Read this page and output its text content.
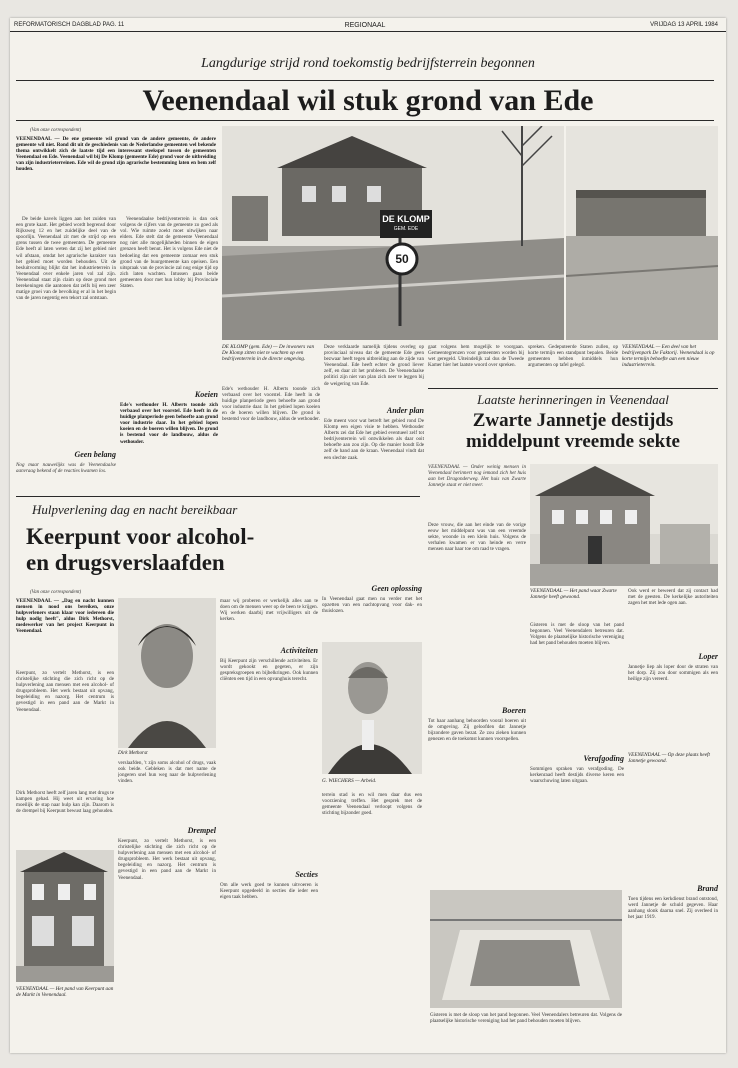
REFORMATORISCH DAGBLAD PAG. 11	REGIONAAL	VRIJDAG 13 APRIL 1984
Langdurige strijd rond toekomstig bedrijfsterrein begonnen
Veenendaal wil stuk grond van Ede
(Van onze correspondent)
VEENENDAAL — De ene gemeente wil grond van de andere gemeente, de andere gemeente wil niet. Rond dit uit de geschiedenis van de Nederlandse gemeenten wel bekende thema ontwikkelt zich de laatste tijd een interessant steekspel tussen de gemeenten Veenendaal en Ede. Veenendaal wil bij De Klomp (gemeente Ede) grond voor de uitbreiding van zijn industrieterreinen. Ede wil de grond zijn agrarische bestemming laten en bem zelf houden.

De beide kavels liggen aan het zuiden van een grote kaart. Het gebied wordt begrensd door Rijksweg 12 en het zuidelijke deel van de spoorlijn. Veenendaal zit met de strijd op een grens tussen de twee gemeenten. De gemeente Ede heeft al laten weten dat zij het gebied niet wil afstaan, omdat het agrarische karakter van het gebied moet worden behouden. Uit de besluitvorming blijkt dat het industrieterrein in Veenendaal over enkele jaren vol zal zijn. Veenendaal staat zijn claim op deze grond met berekeningen die aantonen dat zelfs bij een zeer matige groei van de bevolking er al in het begin van de jaren negentig een tekort zal ontstaan.

Geen belang
Nog maar nauwelijks was de Veenendaalse aanvraag bekend of de reacties kwamen los.

Veenendaalse bedrijventerrein is dan ook volgens de cijfers van de gemeente zo goed als vol. Wie ruimte zoekt moet uitwijken naar elders. Ede stelt dat de gemeente Veenendaal nog niet alle mogelijkheden binnen de eigen grenzen heeft benut. Het is volgens Ede niet de bedoeling dat een gemeente zomaar een stuk grond van de buurgemeente kan opeisen. Een uitspraak van de provincie zal nog enige tijd op zich laten wachten. Intussen gaan beide gemeenten door met hun lobby bij Provinciale Staten.

Koeien
Ede's wethouder H. Alberts toonde zich verbaasd over het voorstel. Ede heeft in de huidige planperiode geen behoefte aan grond voor industrie daar. In het gebied lopen koeien en de boeren willen blijven. De grond is bestemd voor de landbouw, aldus de wethouder.
DE KLOMP
GEM. EDE
50
DE KLOMP (gem. Ede) — De inwoners van De Klomp zitten niet te wachten op een bedrijventerrein in de directe omgeving.
Ede's wethouder H. Alberts toonde zich verbaasd over het voorstel. Ede heeft in de huidige planperiode geen behoefte aan grond voor industrie daar. In het gebied lopen koeien en de boeren willen blijven. De grond is bestemd voor de landbouw, aldus de wethouder.
Deze verklaarde namelijk tijdens overleg op provinciaal niveau dat de gemeente Ede geen bezwaar heeft tegen uitbreiding aan de zijde van Veenendaal. Ede heeft echter de grond liever zelf, en daar zit het probleem. De Veenendaalse politici zijn niet van plan zich neer te leggen bij de weigering van Ede.
Ander plan
Ede meent voor wat betreft het gebied rond De Klomp een eigen visie te hebben. Wethouder Alberts zei dat Ede het gebied eventueel zelf tot bedrijventerrein wil ontwikkelen als daar ooit behoefte aan zou zijn. Op die manier houdt Ede zelf de hand aan de kraan. Veenendaal vindt dat een slechte zaak.
gaat volgens hem mogelijk te voorgaan. Gemeentegrenzen voor gemeenten worden bij wet geregeld. Uiteindelijk zal dus de Tweede Kamer hier het laatste woord over spreken.
spreken. Gedeputeerde Staten zullen, op korte termijn een standpunt bepalen. Beide gemeenten hebben inmiddels hun argumenten op tafel gelegd.
VEENENDAAL — Een deel van het bedrijvenpark De Faktorij. Veenendaal is op korte termijn behoefte aan een nieuw industrieterrein.
Laatste herinneringen in Veenendaal
Zwarte Jannetje destijds
middelpunt vreemde sekte
VEENENDAAL — Onder weinig mensen in Veenendaal herinnert nog iemand zich het huis aan het Dragonderweg. Het huis van Zwarte Jannetje staat er niet meer.
Deze vrouw, die aan het einde van de vorige eeuw het middelpunt was van een vreemde sekte, woonde in een klein huis. Volgens de verhalen kwamen er van heinde en verre mensen naar haar toe om raad te vragen.
VEENENDAAL — Het pand waar Zwarte Jannetje heeft gewoond.
Gisteren is met de sloop van het pand begonnen. Veel Veenendalers betreuren dat. Volgens de plaatselijke historische vereniging had het pand behouden moeten blijven.
Boeren
Tot haar aanhang behoorden vooral boeren uit de omgeving. Zij geloofden dat Jannetje bijzondere gaven bezat. Ze zou zieken kunnen genezen en de toekomst kunnen voorspellen.
Ook werd er beweerd dat zij contact had met de geesten. De kerkelijke autoriteiten zagen het met lede ogen aan.
Loper
Jannetje liep als loper door de straten van het dorp. Zij zou door sommigen als een heilige zijn vereerd.
Verafgoding
Sommigen spraken van verafgoding. De kerkenraad heeft destijds diverse keren een waarschuwing laten uitgaan.
VEENENDAAL — Op deze plaats heeft Jannetje gewoond.
Brand
Toen tijdens een kerkdienst brand ontstond, werd Jannetje de schuld gegeven. Haar aanhang slonk daarna snel. Zij overleed in het jaar 1919.
Gisteren is met de sloop van het pand begonnen. Veel Veenendalers betreuren dat. Volgens de plaatselijke historische vereniging had het pand behouden moeten blijven.
Hulpverlening dag en nacht bereikbaar
Keerpunt voor alcohol-
en drugsverslaafden
(Van onze correspondent)
VEENENDAAL — „Dag en nacht kunnen mensen in nood ons bereiken, onze hulpverleners staan klaar voor iedereen die hulp nodig heeft", aldus Dirk Methorst, medewerker van het project Keerpunt in Veenendaal.
Keerpunt, zo vertelt Methorst, is een christelijke stichting die zich richt op de hulpverlening aan mensen met een alcohol- of drugsprobleem. Het werk bestaat uit opvang, begeleiding en nazorg. Het centrum is gevestigd in een pand aan de Markt in Veenendaal.
Dirk Methorst heeft zelf jaren lang met drugs te kampen gehad. Hij weet uit ervaring hoe moeilijk de stap naar hulp kan zijn. Daarom is de drempel bij Keerpunt bewust laag gehouden.
VEENENDAAL — Het pand van Keerpunt aan de Markt in Veenendaal.
Dirk Methorst
verslaafden, 't zijn soms alcohol of drugs, vaak ook beide. Gebleken is dat met name de jongeren snel hun weg naar de hulpverlening vinden.
Drempel
Keerpunt, zo vertelt Methorst, is een christelijke stichting die zich richt op de hulpverlening aan mensen met een alcohol- of drugsprobleem. Het werk bestaat uit opvang, begeleiding en nazorg. Het centrum is gevestigd in een pand aan de Markt in Veenendaal.
maar wij proberen er werkelijk alles aan te doen om de mensen weer op de been te krijgen. Wij werken daarbij met vrijwilligers uit de kerken.
Activiteiten
Bij Keerpunt zijn verschillende activiteiten. Er wordt gekookt en gegeten, er zijn gespreksgroepen en bijbelkringen. Ook kunnen cliënten een tijd in een opvanghuis terecht.
Secties
Om alle werk goed te kunnen uitvoeren is Keerpunt opgedeeld in secties die ieder een eigen taak hebben.
Geen oplossing
In Veenendaal gaat men nu verder met het opzetten van een nachtopvang voor dak- en thuislozen.
G. WIECHERS — Arbeid.
terrein stad is en wil men daar dus een voorziening treffen. Het gesprek met de gemeente Veenendaal verloopt volgens de stichting bijzonder goed.
